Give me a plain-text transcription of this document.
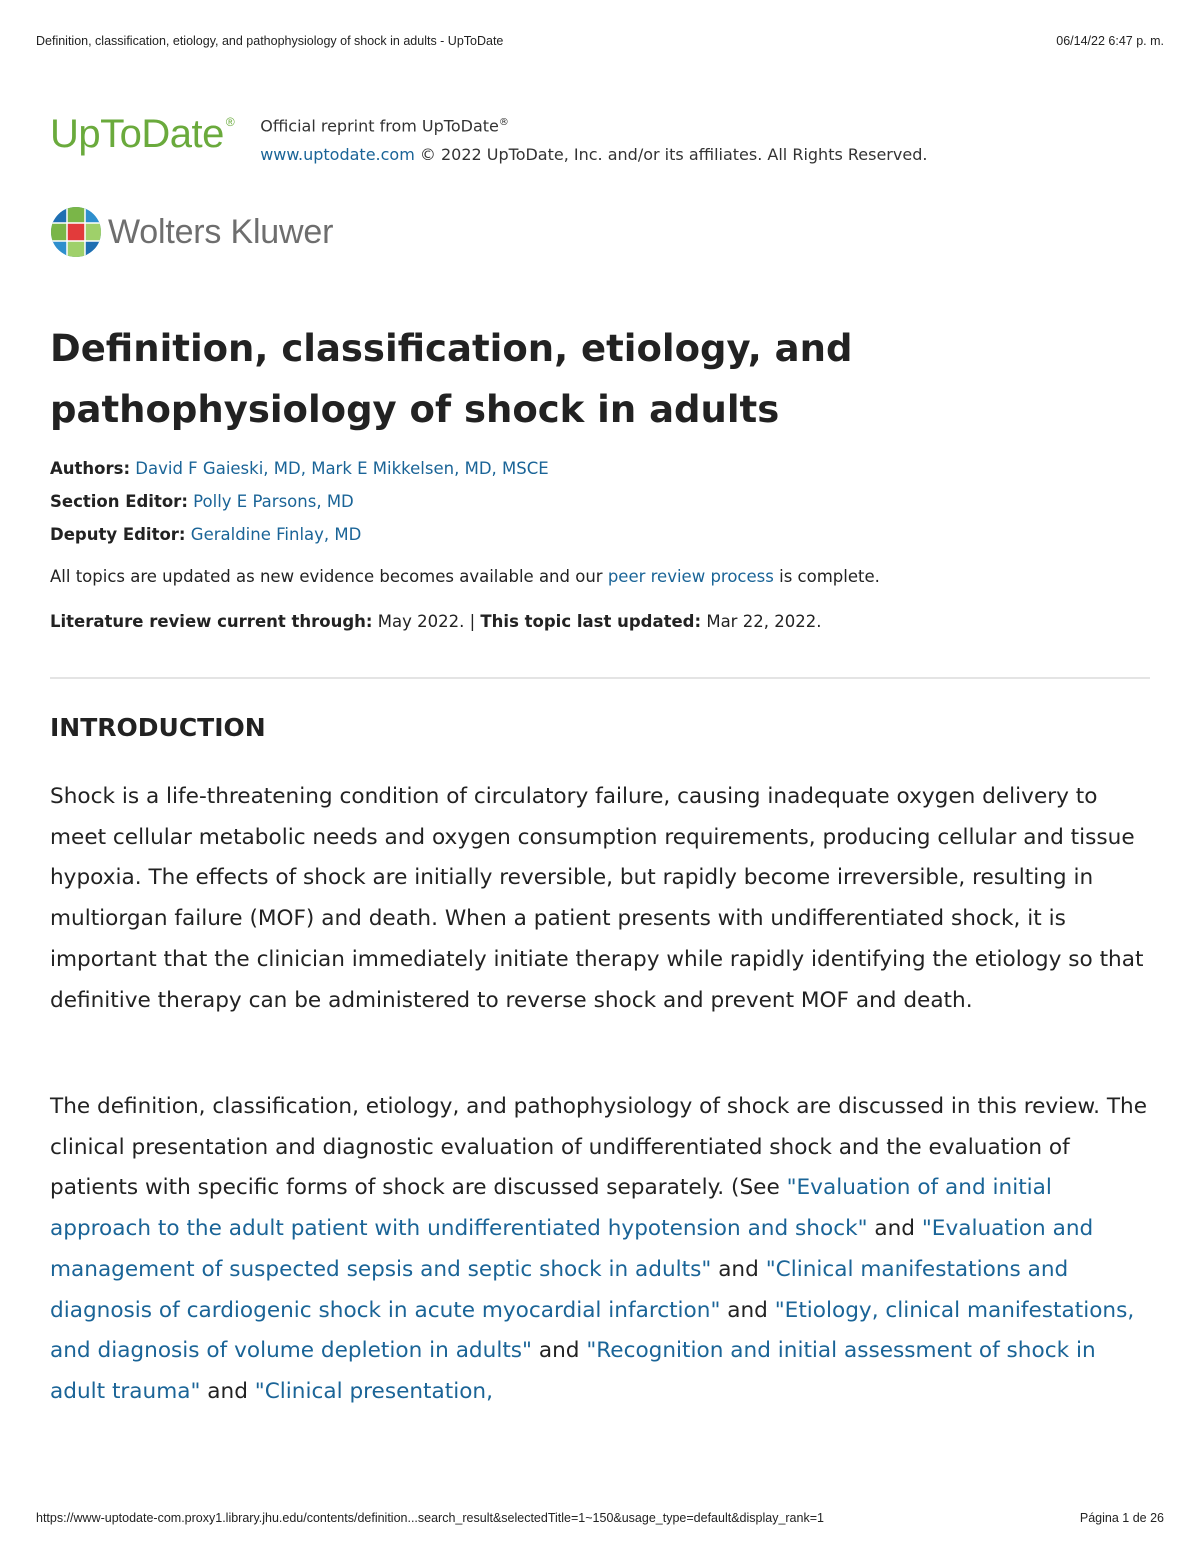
Definition, classification, etiology, and pathophysiology of shock in adults - UpToDate	06/14/22 6:47 p. m.
UpToDate ® Official reprint from UpToDate®
www.uptodate.com © 2022 UpToDate, Inc. and/or its affiliates. All Rights Reserved.
Wolters Kluwer
Definition, classification, etiology, and pathophysiology of shock in adults
Authors: David F Gaieski, MD, Mark E Mikkelsen, MD, MSCE
Section Editor: Polly E Parsons, MD
Deputy Editor: Geraldine Finlay, MD
All topics are updated as new evidence becomes available and our peer review process is complete.
Literature review current through: May 2022. | This topic last updated: Mar 22, 2022.
INTRODUCTION

Shock is a life-threatening condition of circulatory failure, causing inadequate oxygen delivery to meet cellular metabolic needs and oxygen consumption requirements, producing cellular and tissue hypoxia. The effects of shock are initially reversible, but rapidly become irreversible, resulting in multiorgan failure (MOF) and death. When a patient presents with undifferentiated shock, it is important that the clinician immediately initiate therapy while rapidly identifying the etiology so that definitive therapy can be administered to reverse shock and prevent MOF and death.

The definition, classification, etiology, and pathophysiology of shock are discussed in this review. The clinical presentation and diagnostic evaluation of undifferentiated shock and the evaluation of patients with specific forms of shock are discussed separately. (See "Evaluation of and initial approach to the adult patient with undifferentiated hypotension and shock" and "Evaluation and management of suspected sepsis and septic shock in adults" and "Clinical manifestations and diagnosis of cardiogenic shock in acute myocardial infarction" and "Etiology, clinical manifestations, and diagnosis of volume depletion in adults" and "Recognition and initial assessment of shock in adult trauma" and "Clinical presentation,

https://www-uptodate-com.proxy1.library.jhu.edu/contents/definition...search_result&selectedTitle=1~150&usage_type=default&display_rank=1	Página 1 de 26
